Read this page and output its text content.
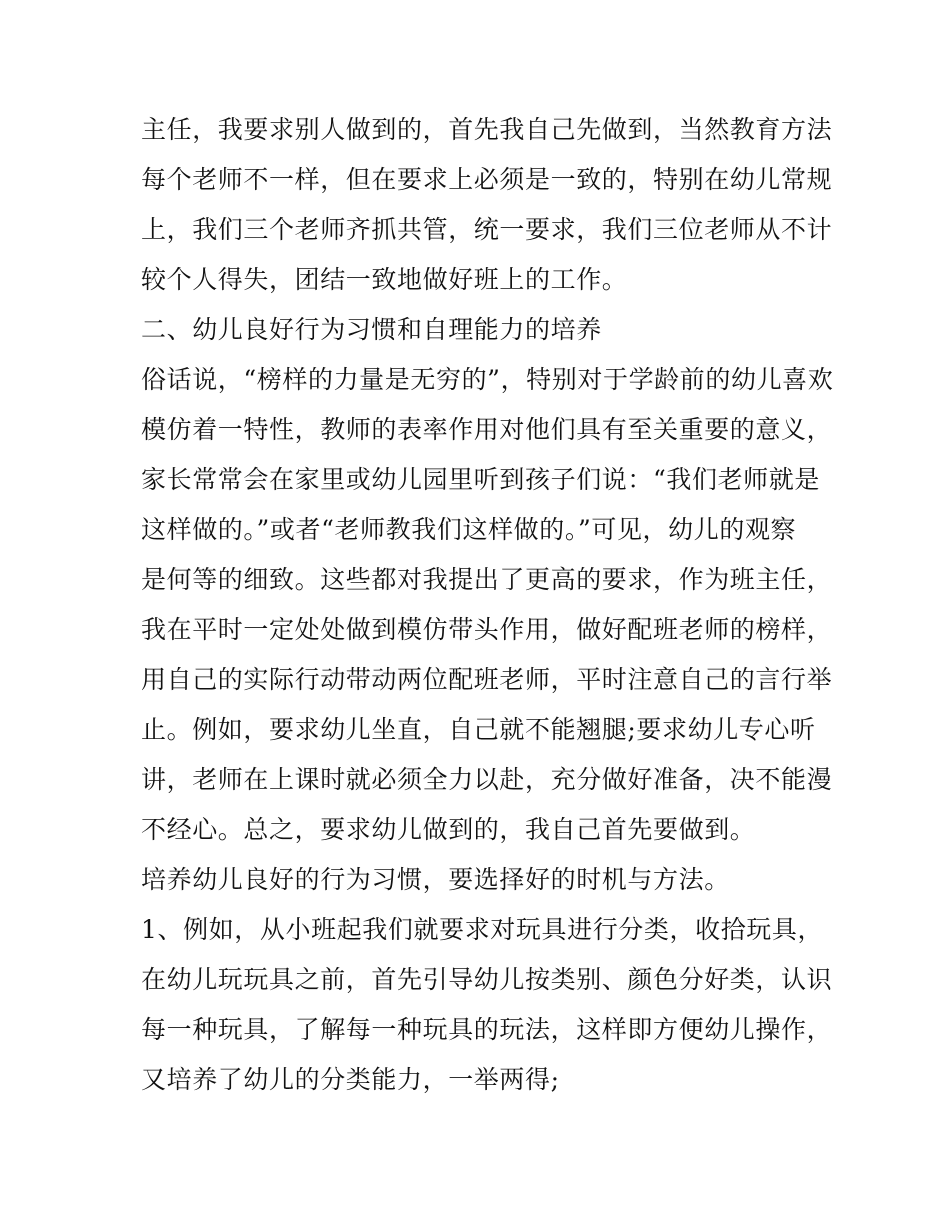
主任，我要求别人做到的，首先我自己先做到，当然教育方法
每个老师不一样，但在要求上必须是一致的，特别在幼儿常规
上，我们三个老师齐抓共管，统一要求，我们三位老师从不计
较个人得失，团结一致地做好班上的工作。
二、幼儿良好行为习惯和自理能力的培养
俗话说，“榜样的力量是无穷的”，特别对于学龄前的幼儿喜欢
模仿着一特性，教师的表率作用对他们具有至关重要的意义，
家长常常会在家里或幼儿园里听到孩子们说：“我们老师就是
这样做的。”或者“老师教我们这样做的。”可见，幼儿的观察
是何等的细致。这些都对我提出了更高的要求，作为班主任，
我在平时一定处处做到模仿带头作用，做好配班老师的榜样，
用自己的实际行动带动两位配班老师，平时注意自己的言行举
止。例如，要求幼儿坐直，自己就不能翘腿;要求幼儿专心听
讲，老师在上课时就必须全力以赴，充分做好准备，决不能漫
不经心。总之，要求幼儿做到的，我自己首先要做到。
培养幼儿良好的行为习惯，要选择好的时机与方法。
1、例如，从小班起我们就要求对玩具进行分类，收拾玩具，
在幼儿玩玩具之前，首先引导幼儿按类别、颜色分好类，认识
每一种玩具，了解每一种玩具的玩法，这样即方便幼儿操作，
又培养了幼儿的分类能力，一举两得;
